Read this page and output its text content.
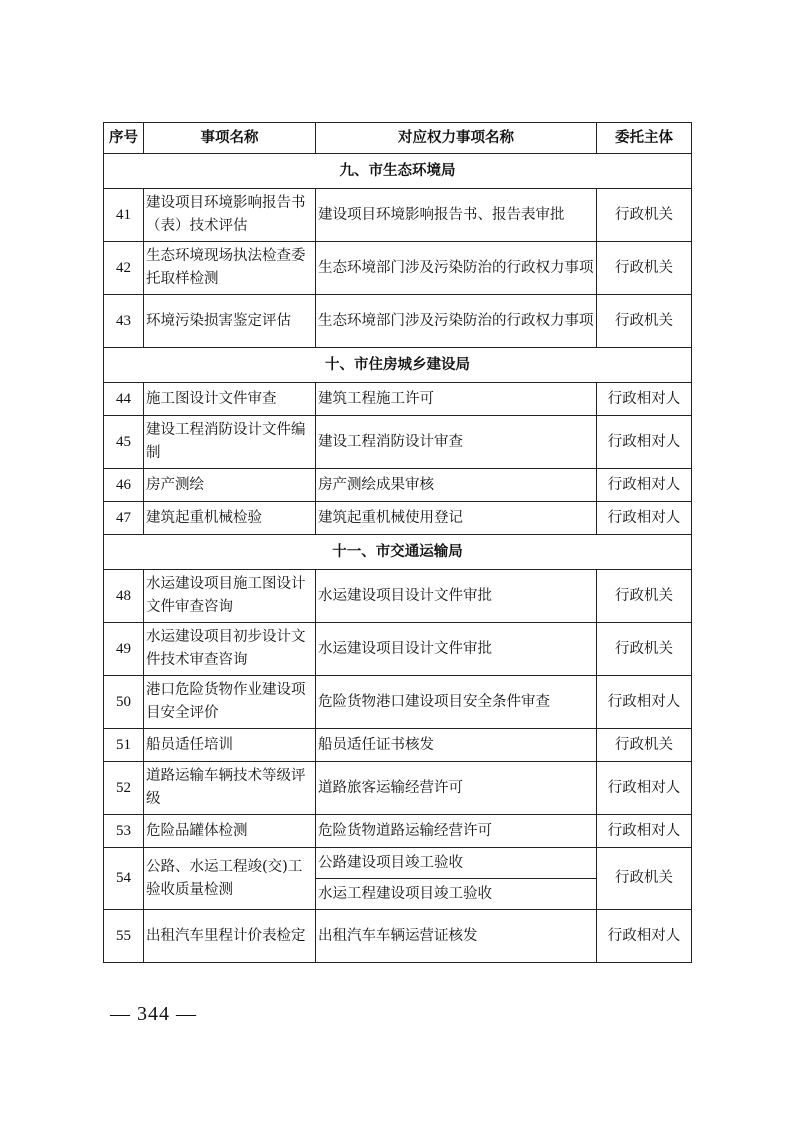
序号	事项名称	对应权力事项名称	委托主体
九、市生态环境局			
41	建设项目环境影响报告书（表）技术评估	建设项目环境影响报告书、报告表审批	行政机关
42	生态环境现场执法检查委托取样检测	生态环境部门涉及污染防治的行政权力事项	行政机关
43	环境污染损害鉴定评估	生态环境部门涉及污染防治的行政权力事项	行政机关
十、市住房城乡建设局			
44	施工图设计文件审查	建筑工程施工许可	行政相对人
45	建设工程消防设计文件编制	建设工程消防设计审查	行政相对人
46	房产测绘	房产测绘成果审核	行政相对人
47	建筑起重机械检验	建筑起重机械使用登记	行政相对人
十一、市交通运输局			
48	水运建设项目施工图设计文件审查咨询	水运建设项目设计文件审批	行政机关
49	水运建设项目初步设计文件技术审查咨询	水运建设项目设计文件审批	行政机关
50	港口危险货物作业建设项目安全评价	危险货物港口建设项目安全条件审查	行政相对人
51	船员适任培训	船员适任证书核发	行政机关
52	道路运输车辆技术等级评级	道路旅客运输经营许可	行政相对人
53	危险品罐体检测	危险货物道路运输经营许可	行政相对人
54	公路、水运工程竣(交)工验收质量检测	公路建设项目竣工验收	行政机关
		水运工程建设项目竣工验收	
55	出租汽车里程计价表检定	出租汽车车辆运营证核发	行政相对人
— 344 —
